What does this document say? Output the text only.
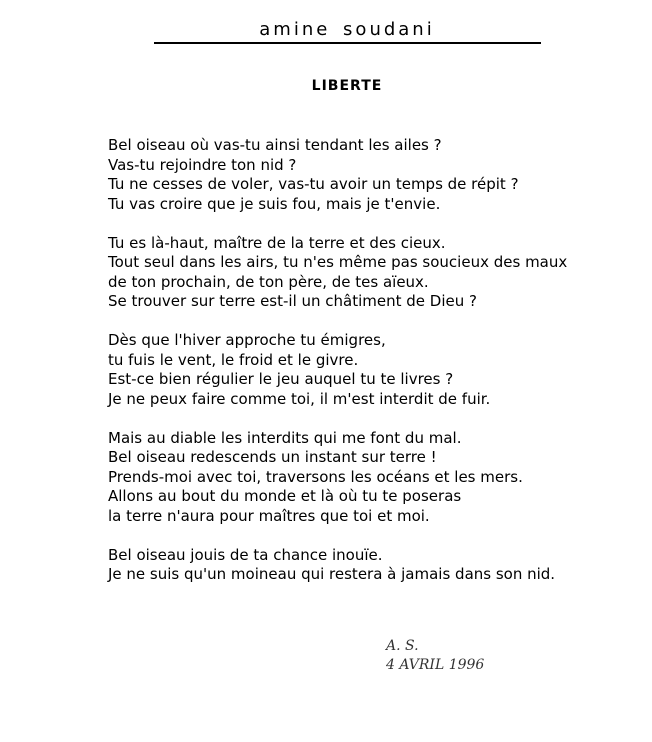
amine soudani
LIBERTE
Bel oiseau où vas-tu ainsi tendant les ailes ?
Vas-tu rejoindre ton nid ?
Tu ne cesses de voler, vas-tu avoir un temps de répit ?
Tu vas croire que je suis fou, mais je t'envie.
Tu es là-haut, maître de la terre et des cieux.
Tout seul dans les airs, tu n'es même pas soucieux des maux
de ton prochain, de ton père, de tes aïeux.
Se trouver sur terre est-il un châtiment de Dieu ?
Dès que l'hiver approche tu émigres,
tu fuis le vent, le froid et le givre.
Est-ce bien régulier le jeu auquel tu te livres ?
Je ne peux faire comme toi, il m'est interdit de fuir.
Mais au diable les interdits qui me font du mal.
Bel oiseau redescends un instant sur terre !
Prends-moi avec toi, traversons les océans et les mers.
Allons au bout du monde et là où tu te poseras
la terre n'aura pour maîtres que toi et moi.
Bel oiseau jouis de ta chance inouïe.
Je ne suis qu'un moineau qui restera à jamais dans son nid.
A. S.
4 AVRIL 1996
